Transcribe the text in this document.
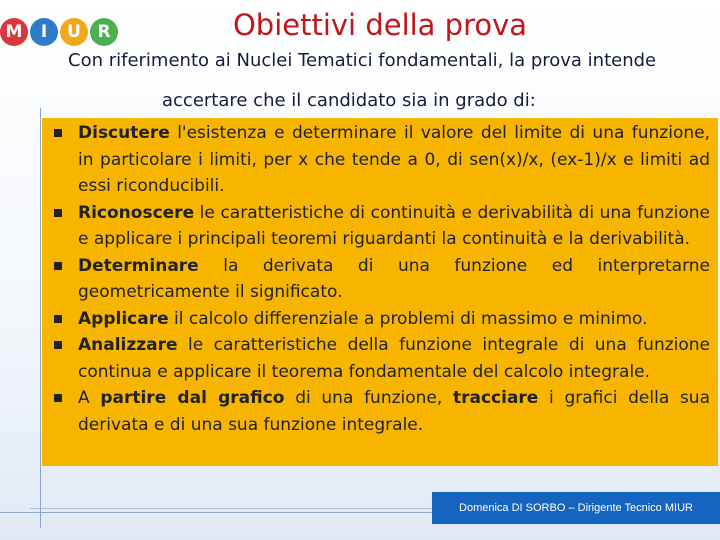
M	I	U R	Obiettivi della prova
Con riferimento ai Nuclei Tematici fondamentali, la prova intende
accertare che il candidato sia in grado di:
Discutere l'esistenza e determinare il valore del limite di una funzione, in particolare i limiti, per x che tende a 0, di sen(x)/x, (ex-1)/x e limiti ad essi riconducibili.
Riconoscere le caratteristiche di continuità e derivabilità di una funzione e applicare i principali teoremi riguardanti la continuità e la derivabilità.
Determinare la derivata di una funzione ed interpretarne geometricamente il significato.
Applicare il calcolo differenziale a problemi di massimo e minimo.
Analizzare le caratteristiche della funzione integrale di una funzione continua e applicare il teorema fondamentale del calcolo integrale.
A partire dal grafico di una funzione, tracciare i grafici della sua derivata e di una sua funzione integrale.
Domenica DI SORBO – Dirigente Tecnico MIUR
